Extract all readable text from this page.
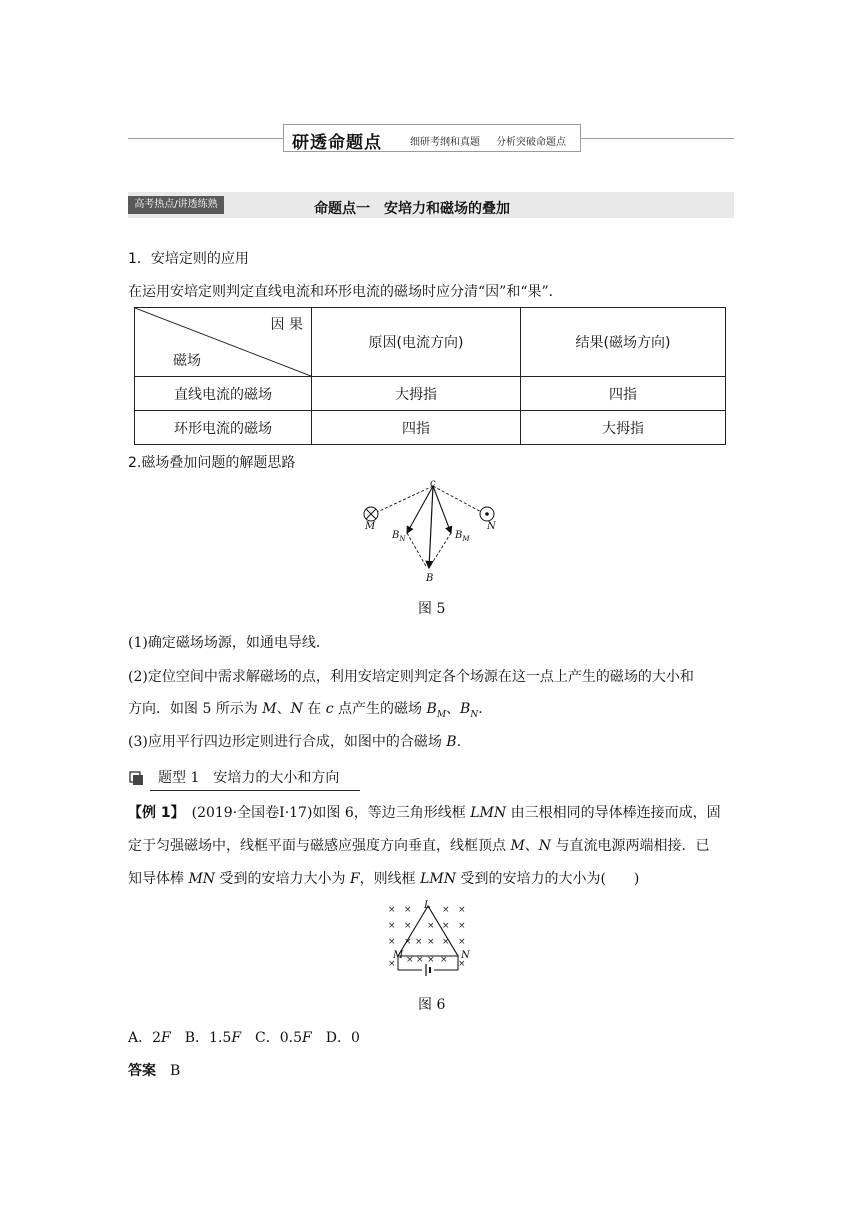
研透命题点	细研考纲和真题 分析突破命题点
高考热点/讲透练熟	命题点一　安培力和磁场的叠加
1．安培定则的应用
在运用安培定则判定直线电流和环形电流的磁场时应分清“因”和“果”．
因 果
磁场	原因(电流方向)	结果(磁场方向)
直线电流的磁场	大拇指	四指
环形电流的磁场	四指	大拇指
2.磁场叠加问题的解题思路
c
M	N
$B_N$	$B_M$
B
图 5
(1)确定磁场场源，如通电导线．
(2)定位空间中需求解磁场的点，利用安培定则判定各个场源在这一点上产生的磁场的大小和
方向．如图 5 所示为 M、N 在 c 点产生的磁场 $B_M$、$B_N$.
(3)应用平行四边形定则进行合成，如图中的合磁场 B.
题型 1　安培力的大小和方向
【例 1】　(2019·全国卷Ⅰ·17)如图 6，等边三角形线框 LMN 由三根相同的导体棒连接而成，固
定于匀强磁场中，线框平面与磁感应强度方向垂直，线框顶点 M、N 与直流电源两端相接．已
知导体棒 MN 受到的安培力大小为 F，则线框 LMN 受到的安培力的大小为(　　)
× ×	× ×
× × × × ×
× × × × × ×
× × × × × ×
L
M	N
图 6
A．2F　B．1.5F　C．0.5F　D．0
答案　 B
